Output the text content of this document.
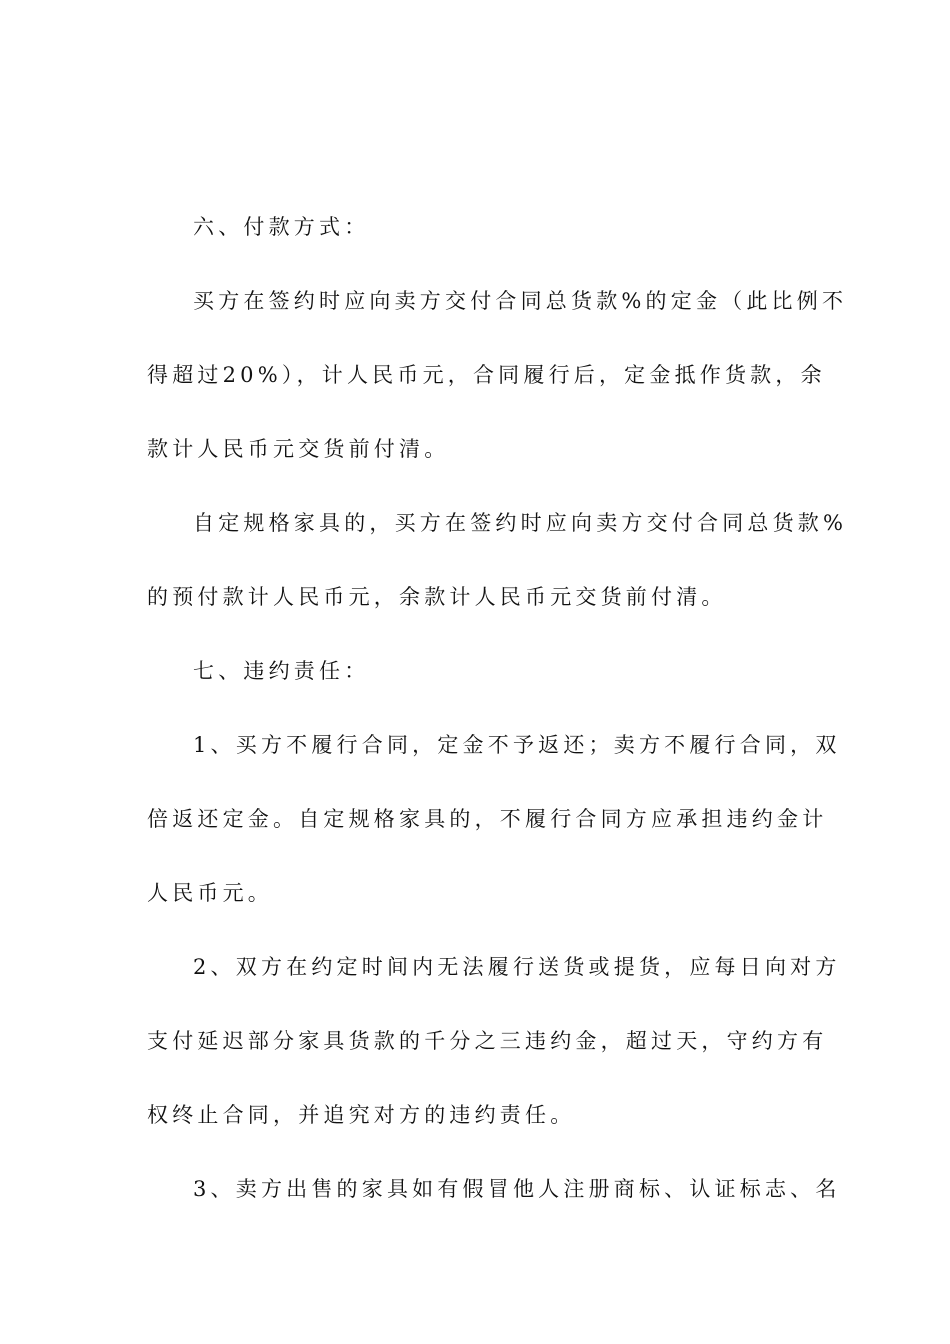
六、付款方式：
买方在签约时应向卖方交付合同总货款%的定金（此比例不
得超过20%），计人民币元，合同履行后，定金抵作货款，余
款计人民币元交货前付清。
自定规格家具的，买方在签约时应向卖方交付合同总货款%
的预付款计人民币元，余款计人民币元交货前付清。
七、违约责任：
1、买方不履行合同，定金不予返还；卖方不履行合同，双
倍返还定金。自定规格家具的，不履行合同方应承担违约金计
人民币元。
2、双方在约定时间内无法履行送货或提货，应每日向对方
支付延迟部分家具货款的千分之三违约金，超过天，守约方有
权终止合同，并追究对方的违约责任。
3、卖方出售的家具如有假冒他人注册商标、认证标志、名
